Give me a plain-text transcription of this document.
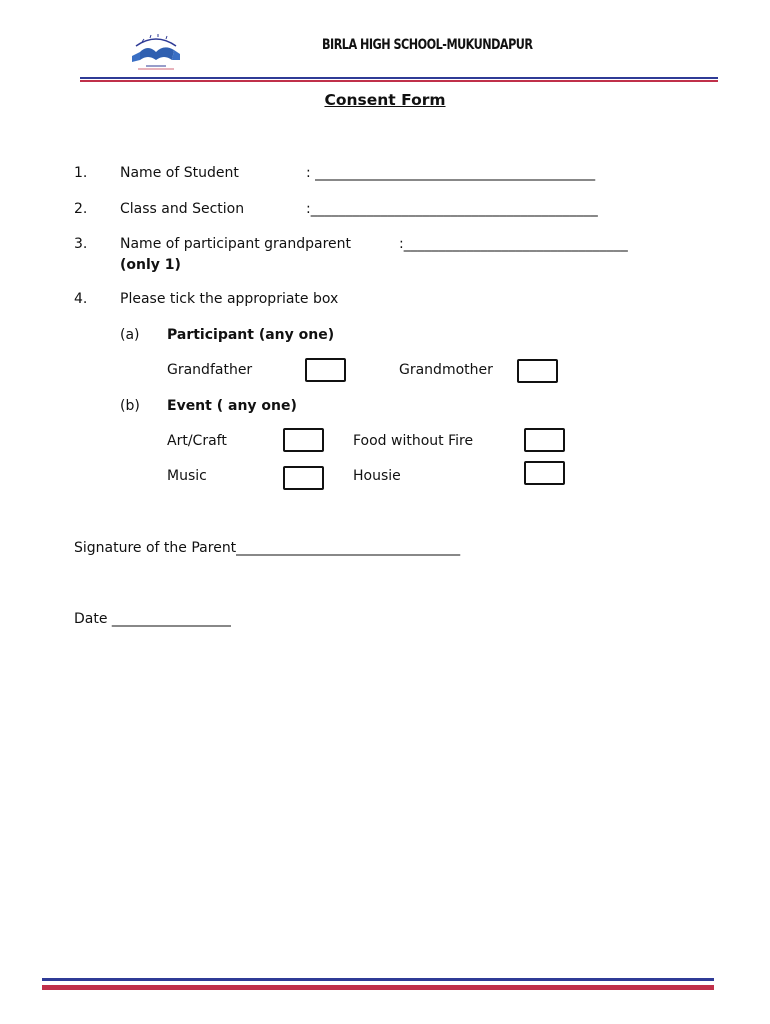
BIRLA HIGH SCHOOL-MUKUNDAPUR
Consent Form
1. Name of Student	: ________________________________________
2. Class and Section	:_________________________________________
3. Name of participant grandparent	:________________________________
(only 1)
4. Please tick the appropriate box
(a) Participant (any one)
Grandfather	Grandmother
(b) Event ( any one)
Art/Craft	Food without Fire
Music	Housie
Signature of the Parent________________________________
Date _________________
